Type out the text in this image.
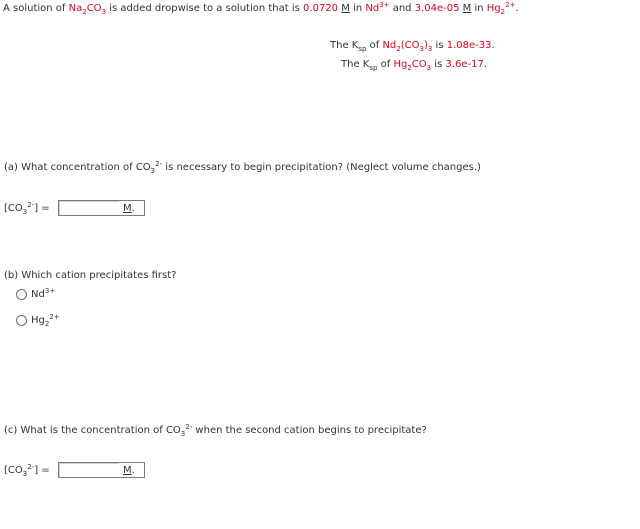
A solution of $Na_2CO_3$ is added dropwise to a solution that is 0.0720 M in $Nd^{3+}$ and 3.04e-05 M in $Hg_2^{2+}$.
The $K_{sp}$ of $Nd_2(CO_3)_3$ is 1.08e-33.
The $K_{sp}$ of $Hg_2CO_3$ is 3.6e-17.
(a) What concentration of $CO_3^{2-}$ is necessary to begin precipitation? (Neglect volume changes.)
$[CO_3^{2-}]$ =	M.
(b) Which cation precipitates first?
$Nd^{3+}$
$Hg_2^{2+}$
(c) What is the concentration of $CO_3^{2-}$ when the second cation begins to precipitate?
$[CO_3^{2-}]$ =	M.
